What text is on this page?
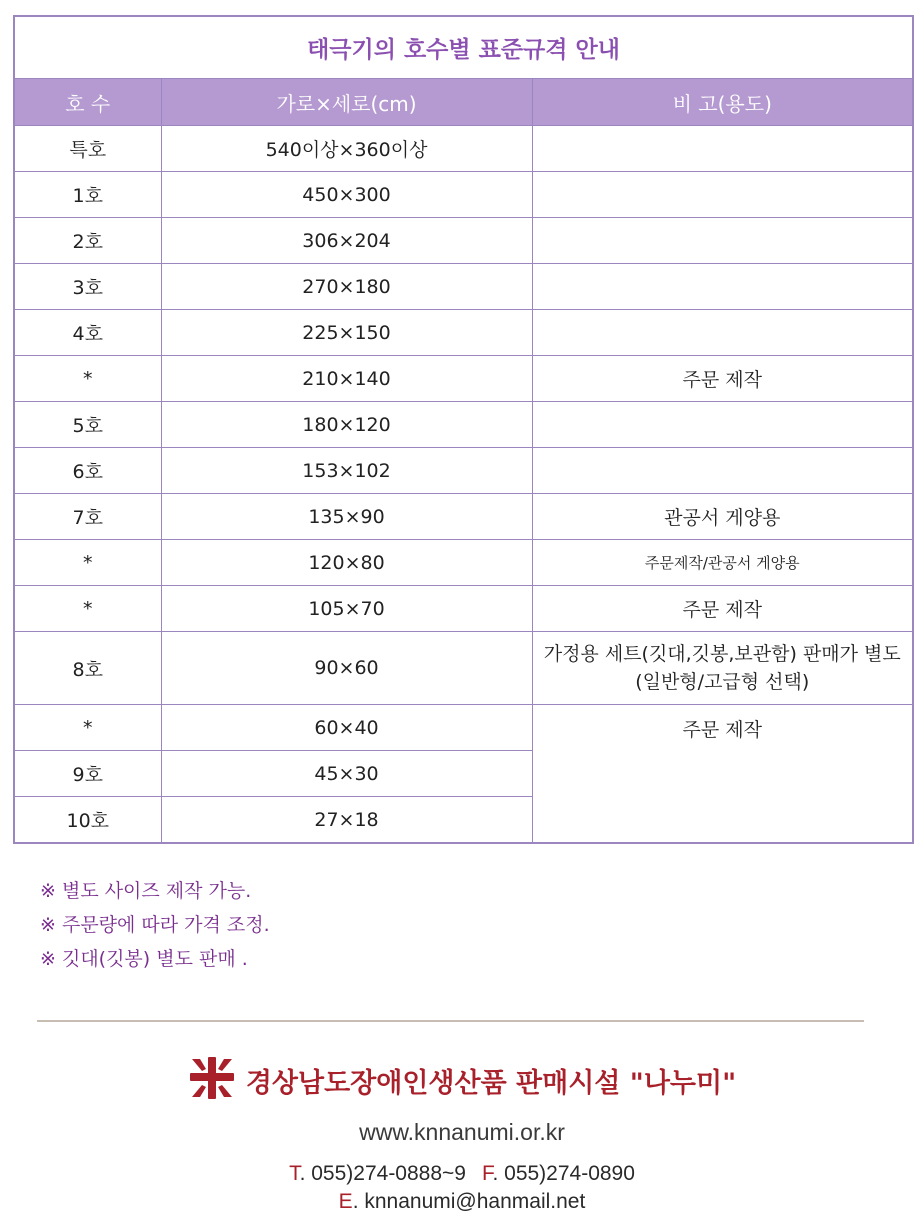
태극기의 호수별 표준규격 안내		
호 수	가로×세로(cm)	비 고(용도)
특호	540이상×360이상	
1호	450×300	
2호	306×204	
3호	270×180	
4호	225×150	
*	210×140	주문 제작
5호	180×120	
6호	153×102	
7호	135×90	관공서 게양용
*	120×80	주문제작/관공서 게양용
*	105×70	주문 제작
8호	90×60	가정용 세트(깃대,깃봉,보관함) 판매가 별도
(일반형/고급형 선택)

*	60×40	주문 제작
9호	45×30	
10호	27×18	
※ 별도 사이즈 제작 가능.
※ 주문량에 따라 가격 조정.
※ 깃대(깃봉) 별도 판매 .
경상남도장애인생산품 판매시설 "나누미"
www.knnanumi.or.kr
T. 055)274-0888~9 F. 055)274-0890
E. knnanumi@hanmail.net
